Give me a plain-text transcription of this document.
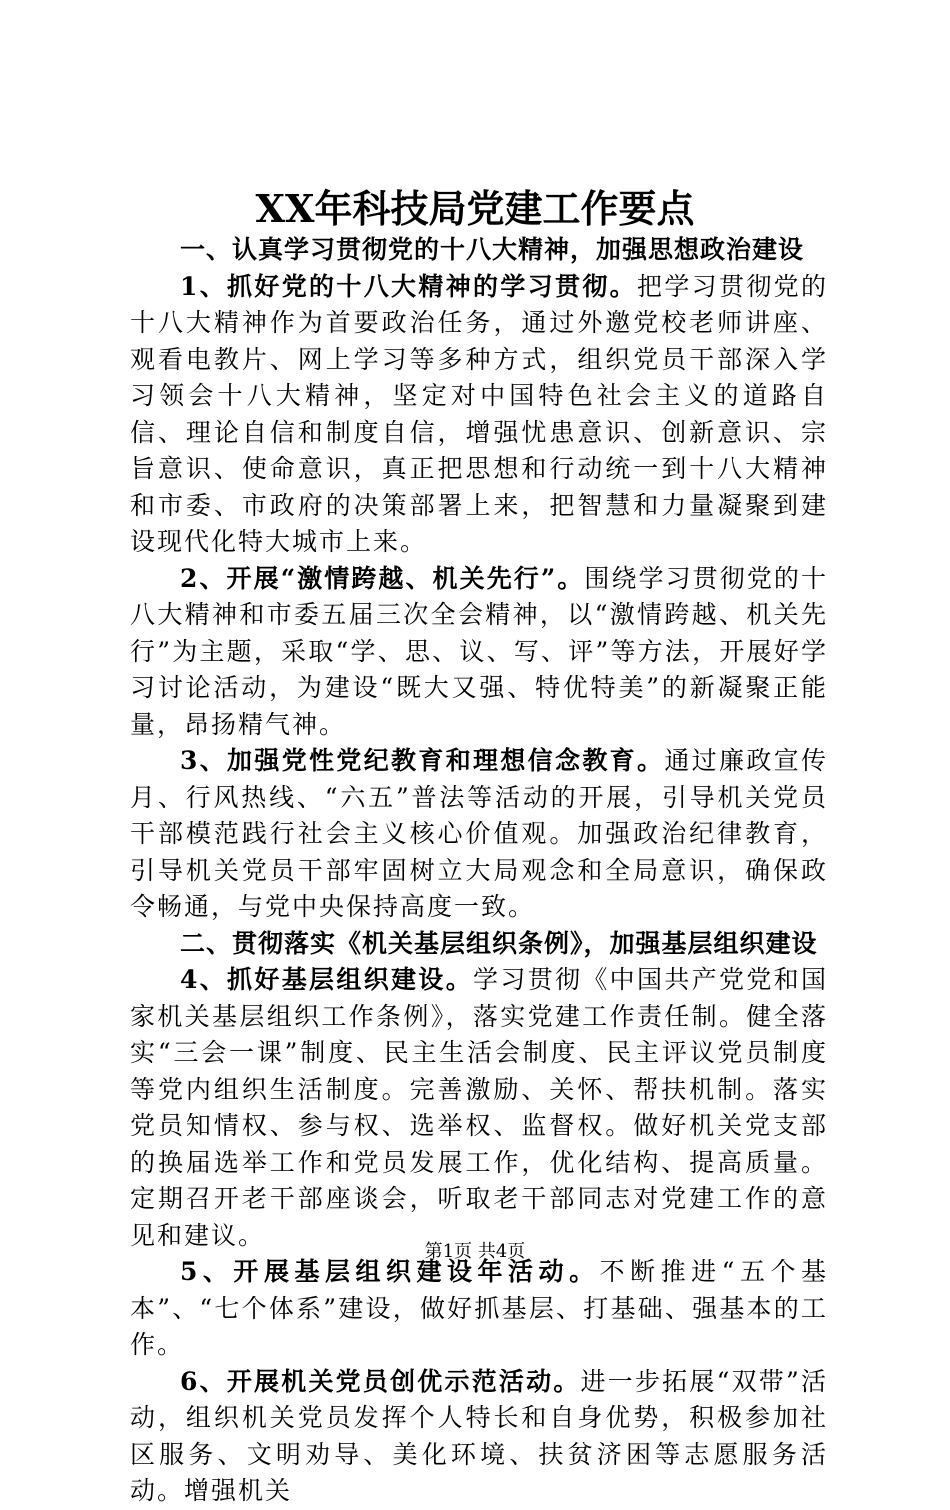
XX年科技局党建工作要点

一、认真学习贯彻党的十八大精神，加强思想政治建设

1、抓好党的十八大精神的学习贯彻。把学习贯彻党的十八大精神作为首要政治任务，通过外邀党校老师讲座、观看电教片、网上学习等多种方式，组织党员干部深入学习领会十八大精神，坚定对中国特色社会主义的道路自信、理论自信和制度自信，增强忧患意识、创新意识、宗旨意识、使命意识，真正把思想和行动统一到十八大精神和市委、市政府的决策部署上来，把智慧和力量凝聚到建设现代化特大城市上来。

2、开展“激情跨越、机关先行”。围绕学习贯彻党的十八大精神和市委五届三次全会精神，以“激情跨越、机关先行”为主题，采取“学、思、议、写、评”等方法，开展好学习讨论活动，为建设“既大又强、特优特美”的新凝聚正能量，昂扬精气神。

3、加强党性党纪教育和理想信念教育。通过廉政宣传月、行风热线、“六五”普法等活动的开展，引导机关党员干部模范践行社会主义核心价值观。加强政治纪律教育，引导机关党员干部牢固树立大局观念和全局意识，确保政令畅通，与党中央保持高度一致。

二、贯彻落实《机关基层组织条例》，加强基层组织建设

4、抓好基层组织建设。学习贯彻《中国共产党党和国家机关基层组织工作条例》，落实党建工作责任制。健全落实“三会一课”制度、民主生活会制度、民主评议党员制度等党内组织生活制度。完善激励、关怀、帮扶机制。落实党员知情权、参与权、选举权、监督权。做好机关党支部的换届选举工作和党员发展工作，优化结构、提高质量。定期召开老干部座谈会，听取老干部同志对党建工作的意见和建议。

5、开展基层组织建设年活动。不断推进“五个基本”、“七个体系”建设，做好抓基层、打基础、强基本的工作。

6、开展机关党员创优示范活动。进一步拓展“双带”活动，组织机关党员发挥个人特长和自身优势，积极参加社区服务、文明劝导、美化环境、扶贫济困等志愿服务活动。增强机关

第1页 共4页
